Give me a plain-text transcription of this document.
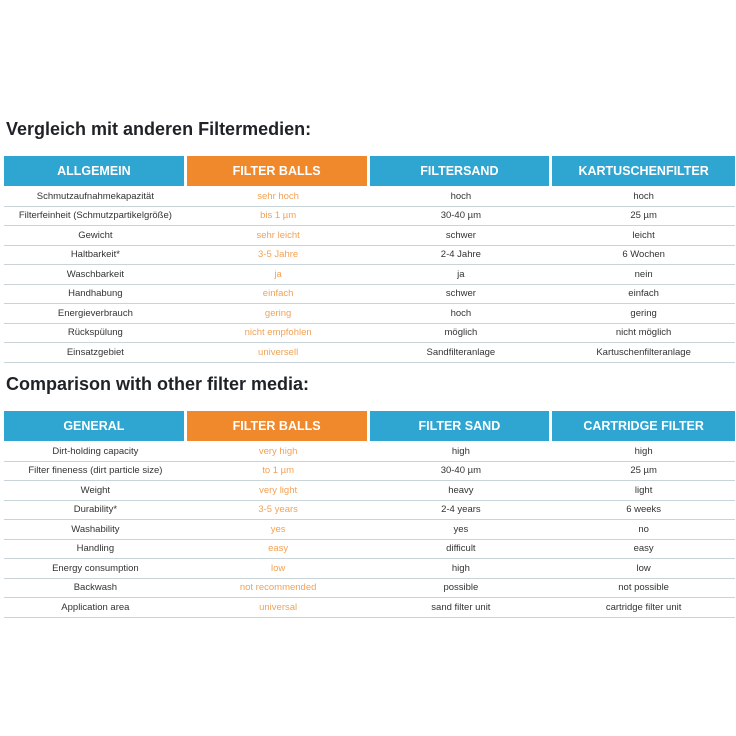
Vergleich mit anderen Filtermedien:
ALLGEMEIN	FILTER BALLS	FILTERSAND	KARTUSCHENFILTER
Schmutzaufnahmekapazität	sehr hoch	hoch	hoch
Filterfeinheit (Schmutzpartikelgröße)	bis 1 µm	30-40 µm	25 µm
Gewicht	sehr leicht	schwer	leicht
Haltbarkeit*	3-5 Jahre	2-4 Jahre	6 Wochen
Waschbarkeit	ja	ja	nein
Handhabung	einfach	schwer	einfach
Energieverbrauch	gering	hoch	gering
Rückspülung	nicht empfohlen	möglich	nicht möglich
Einsatzgebiet	universell	Sandfilteranlage	Kartuschenfilteranlage
Comparison with other filter media:
GENERAL	FILTER BALLS	FILTER SAND	CARTRIDGE FILTER
Dirt-holding capacity	very high	high	high
Filter fineness (dirt particle size)	to 1 µm	30-40 µm	25 µm
Weight	very light	heavy	light
Durability*	3-5 years	2-4 years	6 weeks
Washability	yes	yes	no
Handling	easy	difficult	easy
Energy consumption	low	high	low
Backwash	not recommended	possible	not possible
Application area	universal	sand filter unit	cartridge filter unit
